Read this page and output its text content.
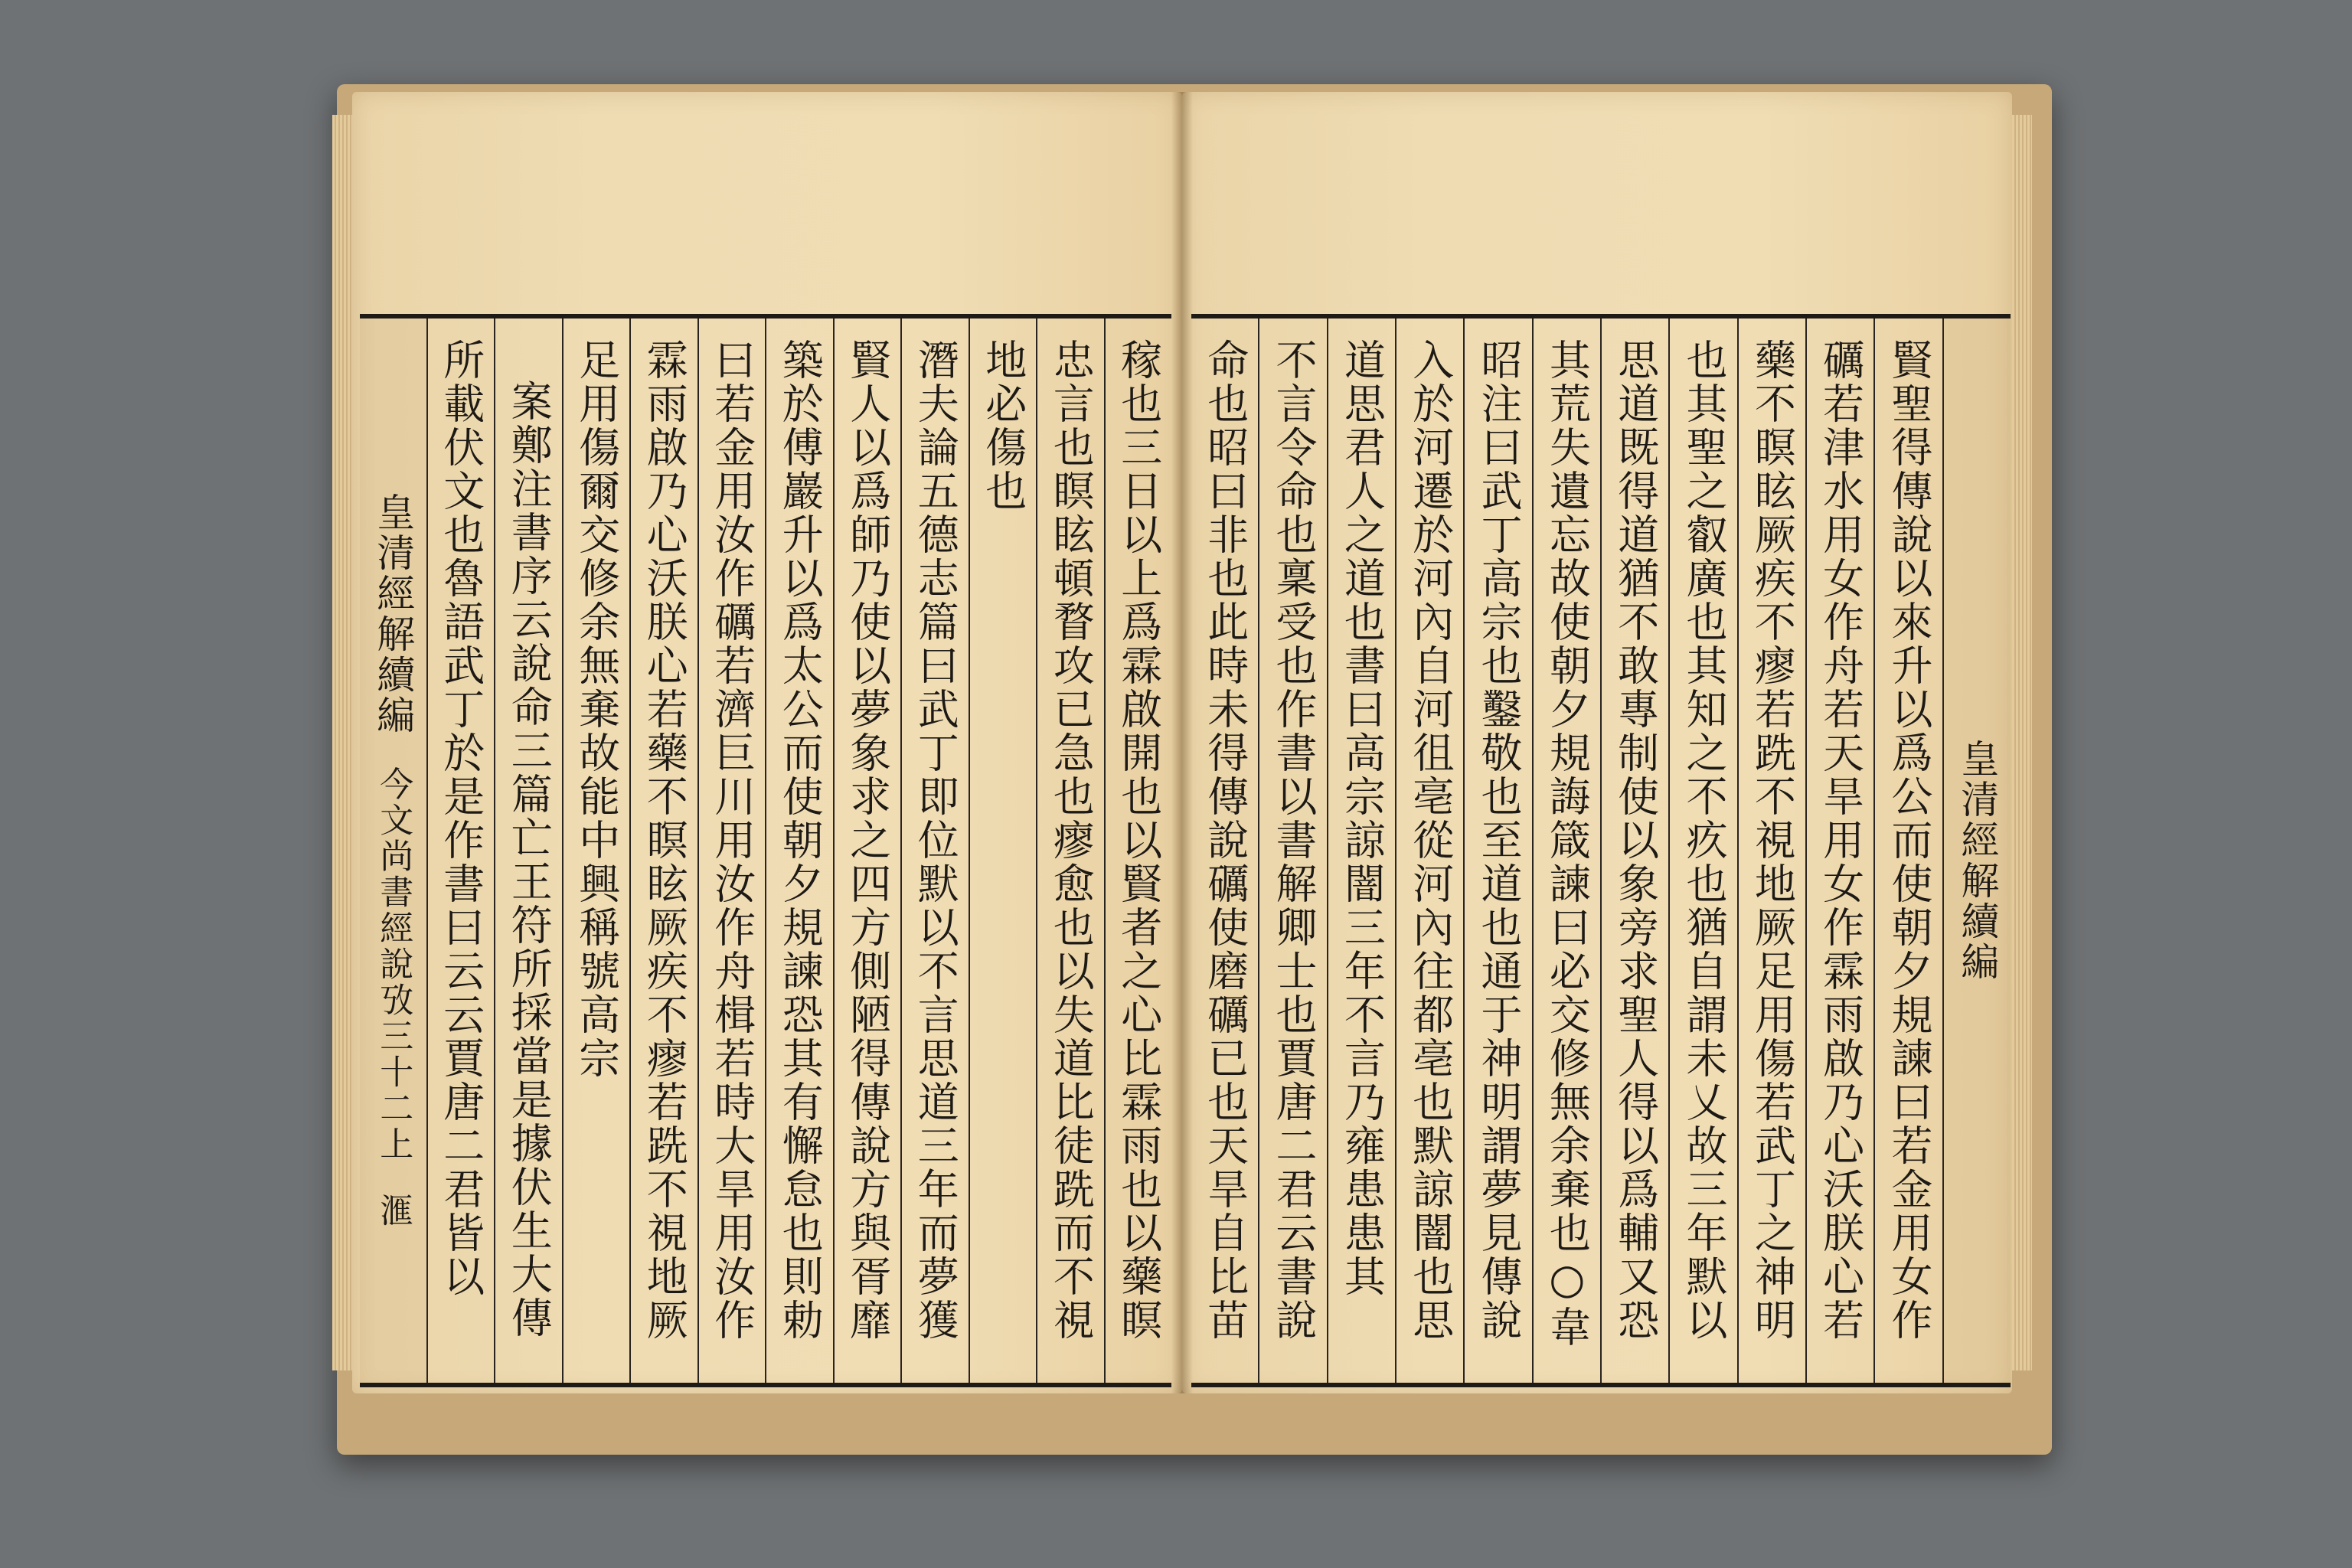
稼也三日以上爲霖啟開也以賢者之心比霖雨也以藥瞑
忠言也瞑眩頓瞀攻已急也瘳愈也以失道比徒跣而不視
地必傷也
潛夫論五德志篇曰武丁即位默以不言思道三年而夢獲
賢人以爲師乃使以夢象求之四方側陋得傳說方與胥靡
築於傅巖升以爲太公而使朝夕規諫恐其有懈怠也則勅
曰若金用汝作礪若濟巨川用汝作舟楫若時大旱用汝作
霖雨啟乃心沃朕心若藥不瞑眩厥疾不瘳若跣不視地厥
足用傷爾交修余無棄故能中興稱號高宗
案鄭注書序云說命三篇亡王符所採當是據伏生大傳
所載伏文也魯語武丁於是作書曰云云賈唐二君皆以
皇清經解續編
今文尚書經說攷三十二上
滙
皇清經解續編
賢聖得傳說以來升以爲公而使朝夕規諫曰若金用女作
礪若津水用女作舟若天旱用女作霖雨啟乃心沃朕心若
藥不瞑眩厥疾不瘳若跣不視地厥足用傷若武丁之神明
也其聖之叡廣也其知之不疚也猶自謂未乂故三年默以
思道既得道猶不敢專制使以象旁求聖人得以爲輔又恐
其荒失遺忘故使朝夕規誨箴諫曰必交修無余棄也○韋
昭注曰武丁高宗也鑿敬也至道也通于神明謂夢見傳說
入於河遷於河內自河徂亳從河內往都亳也默諒闇也思
道思君人之道也書曰高宗諒闇三年不言乃雍患患其
不言令命也稟受也作書以書解卿士也賈唐二君云書說
命也昭曰非也此時未得傳說礪使磨礪已也天旱自比苗
